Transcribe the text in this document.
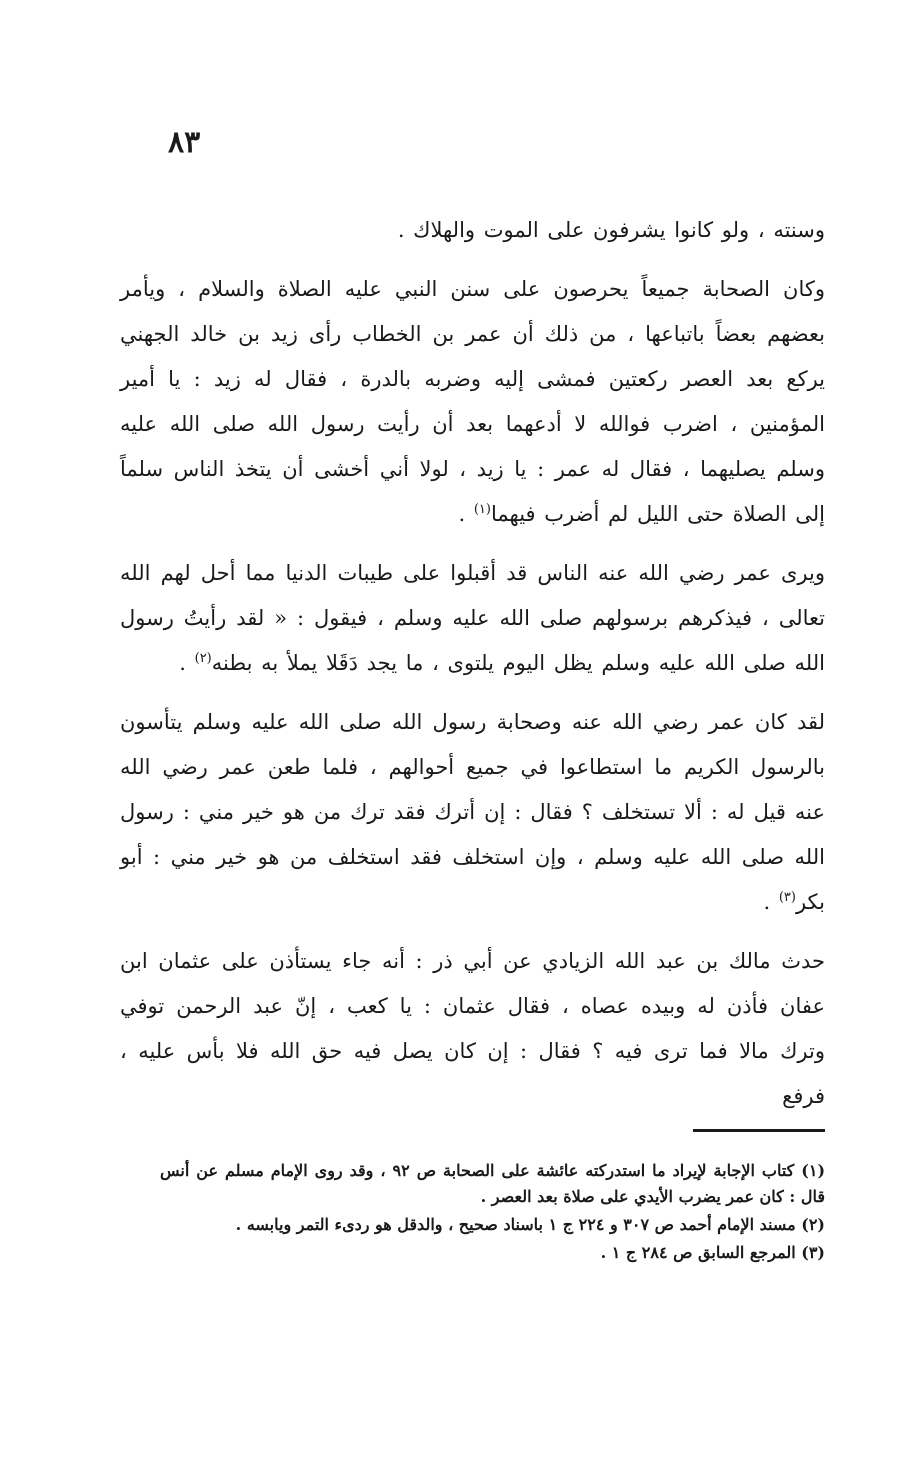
٨٣

وسنته ، ولو كانوا يشرفون على الموت والهلاك .

وكان الصحابة جميعاً يحرصون على سنن النبي عليه الصلاة والسلام ، ويأمر بعضهم بعضاً باتباعها ، من ذلك أن عمر بن الخطاب رأى زيد بن خالد الجهني يركع بعد العصر ركعتين فمشى إليه وضربه بالدرة ، فقال له زيد : يا أمير المؤمنين ، اضرب فوالله لا أدعهما بعد أن رأيت رسول الله صلى الله عليه وسلم يصليهما ، فقال له عمر : يا زيد ، لولا أني أخشى أن يتخذ الناس سلماً إلى الصلاة حتى الليل لم أضرب فيهما$^{(١)}$ .

ويرى عمر رضي الله عنه الناس قد أقبلوا على طيبات الدنيا مما أحل لهم الله تعالى ، فيذكرهم برسولهم صلى الله عليه وسلم ، فيقول : « لقد رأيتُ رسول الله صلى الله عليه وسلم يظل اليوم يلتوى ، ما يجد دَقَلا يملأ به بطنه$^{(٢)}$ .

لقد كان عمر رضي الله عنه وصحابة رسول الله صلى الله عليه وسلم يتأسون بالرسول الكريم ما استطاعوا في جميع أحوالهم ، فلما طعن عمر رضي الله عنه قيل له : ألا تستخلف ؟ فقال : إن أترك فقد ترك من هو خير مني : رسول الله صلى الله عليه وسلم ، وإن استخلف فقد استخلف من هو خير مني : أبو بكر$^{(٣)}$ .

حدث مالك بن عبد الله الزيادي عن أبي ذر : أنه جاء يستأذن على عثمان ابن عفان فأذن له وبيده عصاه ، فقال عثمان : يا كعب ، إنّ عبد الرحمن توفي وترك مالا فما ترى فيه ؟ فقال : إن كان يصل فيه حق الله فلا بأس عليه ، فرفع

(١) كتاب الإجابة لإيراد ما استدركته عائشة على الصحابة ص ٩٢ ، وقد روى الإمام مسلم عن أنس قال : كان عمر يضرب الأيدي على صلاة بعد العصر .

(٢) مسند الإمام أحمد ص ٣٠٧ و ٢٢٤ ج ١ باسناد صحيح ، والدقل هو ردىء التمر ويابسه .

(٣) المرجع السابق ص ٢٨٤ ج ١ .
